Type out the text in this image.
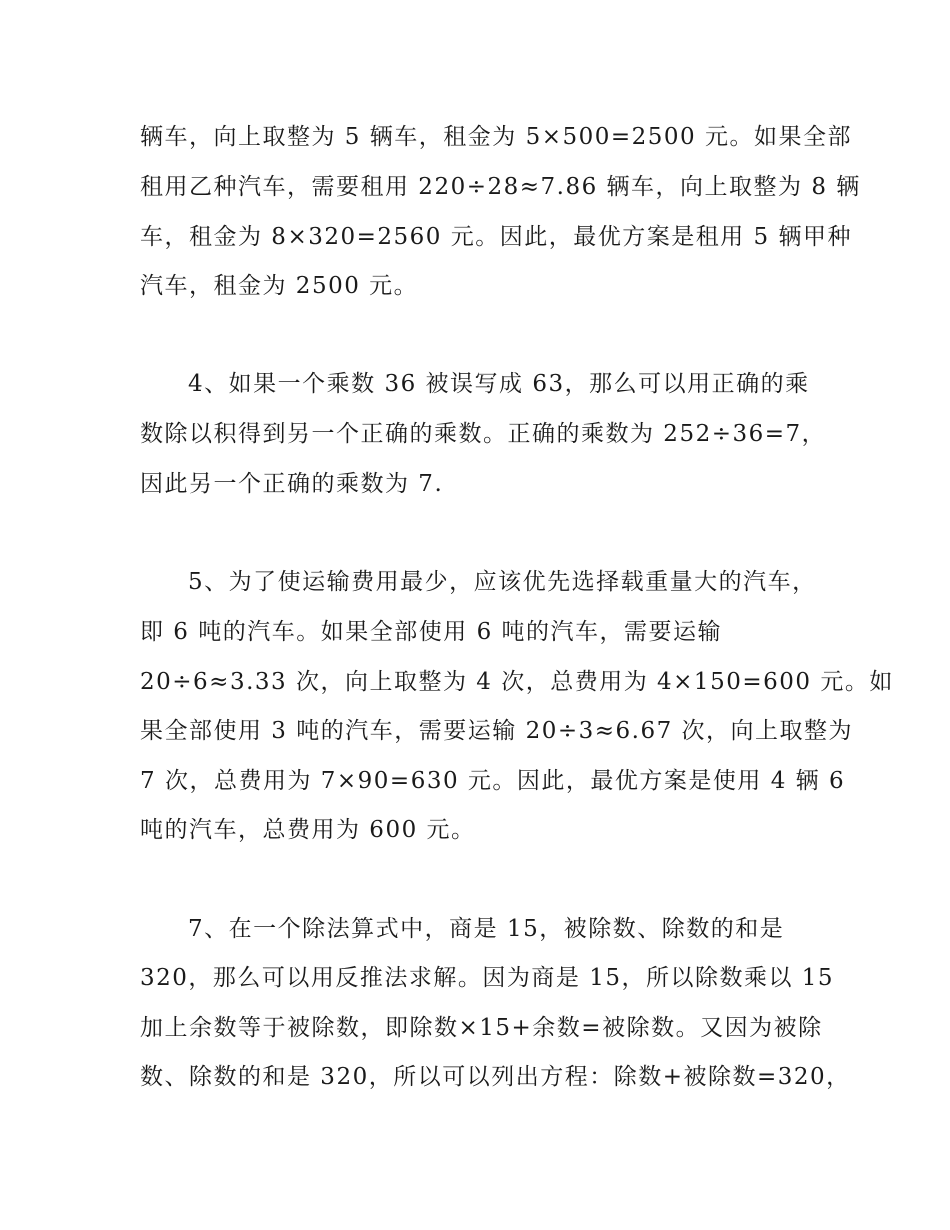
辆车，向上取整为 5 辆车，租金为 5×500=2500 元。如果全部
租用乙种汽车，需要租用 220÷28≈7.86 辆车，向上取整为 8 辆
车，租金为 8×320=2560 元。因此，最优方案是租用 5 辆甲种
汽车，租金为 2500 元。
4、如果一个乘数 36 被误写成 63，那么可以用正确的乘
数除以积得到另一个正确的乘数。正确的乘数为 252÷36=7，
因此另一个正确的乘数为 7.
5、为了使运输费用最少，应该优先选择载重量大的汽车，
即 6 吨的汽车。如果全部使用 6 吨的汽车，需要运输
20÷6≈3.33 次，向上取整为 4 次，总费用为 4×150=600 元。如
果全部使用 3 吨的汽车，需要运输 20÷3≈6.67 次，向上取整为
7 次，总费用为 7×90=630 元。因此，最优方案是使用 4 辆 6
吨的汽车，总费用为 600 元。
7、在一个除法算式中，商是 15，被除数、除数的和是
320，那么可以用反推法求解。因为商是 15，所以除数乘以 15
加上余数等于被除数，即除数×15+余数=被除数。又因为被除
数、除数的和是 320，所以可以列出方程：除数+被除数=320，
